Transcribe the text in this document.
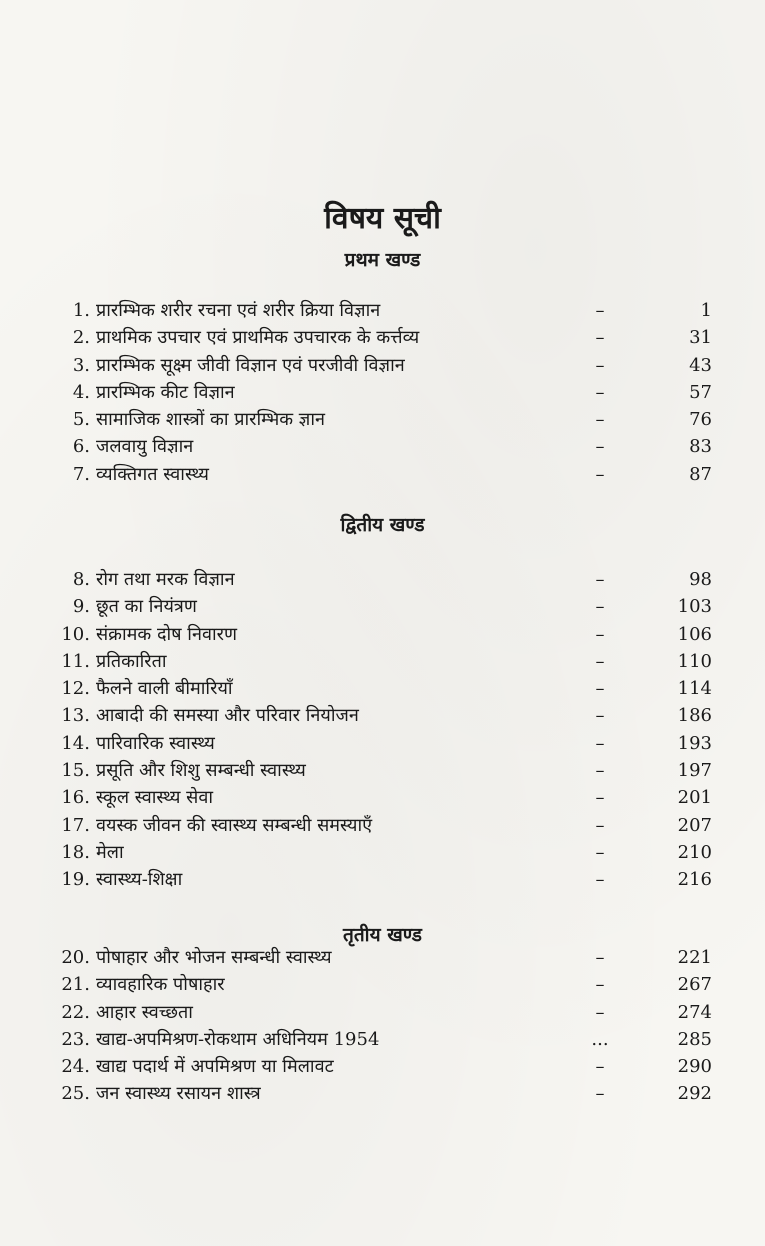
विषय सूची
प्रथम खण्ड
1. प्रारम्भिक शरीर रचना एवं शरीर क्रिया विज्ञान	–	1
2. प्राथमिक उपचार एवं प्राथमिक उपचारक के कर्त्तव्य	–	31
3. प्रारम्भिक सूक्ष्म जीवी विज्ञान एवं परजीवी विज्ञान	–	43
4. प्रारम्भिक कीट विज्ञान	–	57
5. सामाजिक शास्त्रों का प्रारम्भिक ज्ञान	–	76
6. जलवायु विज्ञान	–	83
7. व्यक्तिगत स्वास्थ्य	–	87
द्वितीय खण्ड
8. रोग तथा मरक विज्ञान	–	98
9. छूत का नियंत्रण	–	103
10. संक्रामक दोष निवारण	–	106
11. प्रतिकारिता	–	110
12. फैलने वाली बीमारियाँ	–	114
13. आबादी की समस्या और परिवार नियोजन	–	186
14. पारिवारिक स्वास्थ्य	–	193
15. प्रसूति और शिशु सम्बन्धी स्वास्थ्य	–	197
16. स्कूल स्वास्थ्य सेवा	–	201
17. वयस्क जीवन की स्वास्थ्य सम्बन्धी समस्याएँ	–	207
18. मेला	–	210
19. स्वास्थ्य-शिक्षा	–	216
तृतीय खण्ड
20. पोषाहार और भोजन सम्बन्धी स्वास्थ्य	–	221
21. व्यावहारिक पोषाहार	–	267
22. आहार स्वच्छता	–	274
23. खाद्य-अपमिश्रण-रोकथाम अधिनियम 1954	...	285
24. खाद्य पदार्थ में अपमिश्रण या मिलावट	–	290
25. जन स्वास्थ्य रसायन शास्त्र	–	292
